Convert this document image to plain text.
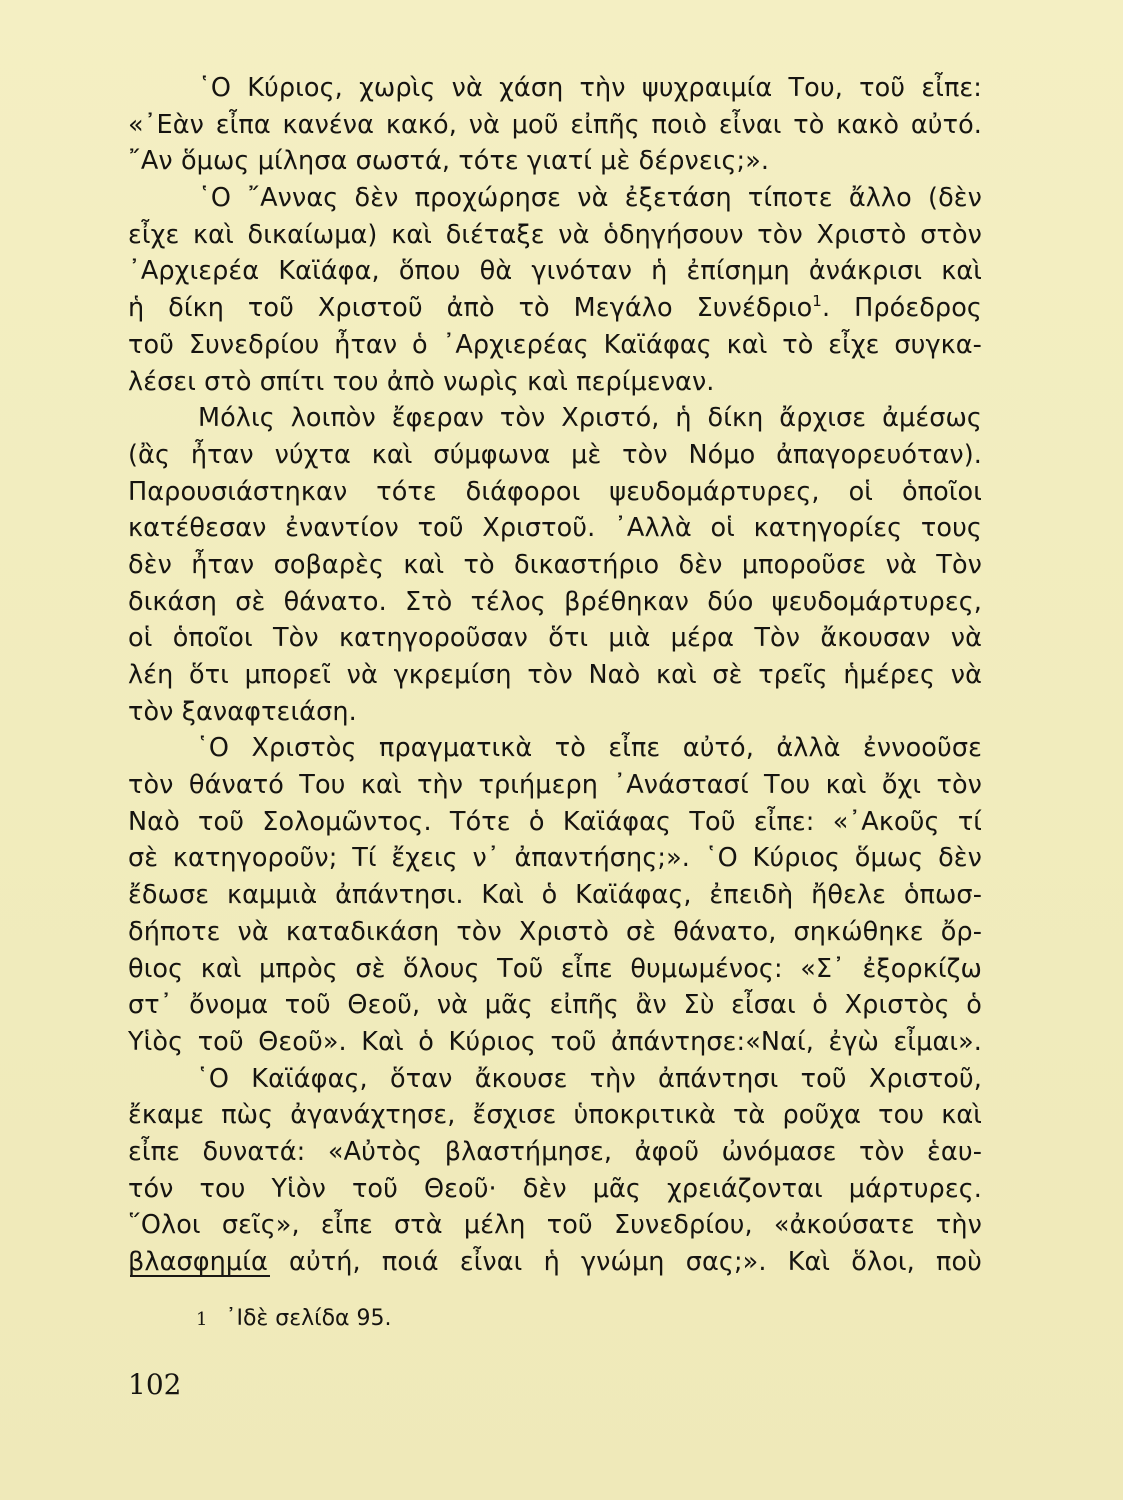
῾Ο Κύριος, χωρὶς νὰ χάση τὴν ψυχραιμία Του, τοῦ εἶπε:
«᾿Εὰν εἶπα κανένα κακό, νὰ μοῦ εἰπῆς ποιὸ εἶναι τὸ κακὸ αὐτό.
῎Αν ὅμως μίλησα σωστά, τότε γιατί μὲ δέρνεις;».
῾Ο ῎Αννας δὲν προχώρησε νὰ ἐξετάση τίποτε ἄλλο (δὲν
εἶχε καὶ δικαίωμα) καὶ διέταξε νὰ ὁδηγήσουν τὸν Χριστὸ στὸν
᾿Αρχιερέα Καϊάφα, ὅπου θὰ γινόταν ἡ ἐπίσημη ἀνάκρισι καὶ
ἡ δίκη τοῦ Χριστοῦ ἀπὸ τὸ Μεγάλο Συνέδριο$^1$. Πρόεδρος
τοῦ Συνεδρίου ἦταν ὁ ᾿Αρχιερέας Καϊάφας καὶ τὸ εἶχε συγκα-
λέσει στὸ σπίτι του ἀπὸ νωρὶς καὶ περίμεναν.
Μόλις λοιπὸν ἔφεραν τὸν Χριστό, ἡ δίκη ἄρχισε ἀμέσως
(ἂς ἦταν νύχτα καὶ σύμφωνα μὲ τὸν Νόμο ἀπαγορευόταν).
Παρουσιάστηκαν τότε διάφοροι ψευδομάρτυρες, οἱ ὁποῖοι
κατέθεσαν ἐναντίον τοῦ Χριστοῦ. ᾿Αλλὰ οἱ κατηγορίες τους
δὲν ἦταν σοβαρὲς καὶ τὸ δικαστήριο δὲν μποροῦσε νὰ Τὸν
δικάση σὲ θάνατο. Στὸ τέλος βρέθηκαν δύο ψευδομάρτυρες,
οἱ ὁποῖοι Τὸν κατηγοροῦσαν ὅτι μιὰ μέρα Τὸν ἄκουσαν νὰ
λέη ὅτι μπορεῖ νὰ γκρεμίση τὸν Ναὸ καὶ σὲ τρεῖς ἡμέρες νὰ
τὸν ξαναφτειάση.
῾Ο Χριστὸς πραγματικὰ τὸ εἶπε αὐτό, ἀλλὰ ἐννοοῦσε
τὸν θάνατό Του καὶ τὴν τριήμερη ᾿Ανάστασί Του καὶ ὄχι τὸν
Ναὸ τοῦ Σολομῶντος. Τότε ὁ Καϊάφας Τοῦ εἶπε: «᾿Ακοῦς τί
σὲ κατηγοροῦν; Τί ἔχεις ν᾿ ἀπαντήσης;». ῾Ο Κύριος ὅμως δὲν
ἔδωσε καμμιὰ ἀπάντησι. Καὶ ὁ Καϊάφας, ἐπειδὴ ἤθελε ὁπωσ-
δήποτε νὰ καταδικάση τὸν Χριστὸ σὲ θάνατο, σηκώθηκε ὄρ-
θιος καὶ μπρὸς σὲ ὅλους Τοῦ εἶπε θυμωμένος: «Σ᾿ ἐξορκίζω
στ᾿ ὄνομα τοῦ Θεοῦ, νὰ μᾶς εἰπῆς ἂν Σὺ εἶσαι ὁ Χριστὸς ὁ
Υἱὸς τοῦ Θεοῦ». Καὶ ὁ Κύριος τοῦ ἀπάντησε:«Ναί, ἐγὼ εἶμαι».
῾Ο Καϊάφας, ὅταν ἄκουσε τὴν ἀπάντησι τοῦ Χριστοῦ,
ἔκαμε πὼς ἀγανάχτησε, ἔσχισε ὑποκριτικὰ τὰ ροῦχα του καὶ
εἶπε δυνατά: «Αὐτὸς βλαστήμησε, ἀφοῦ ὠνόμασε τὸν ἑαυ-
τόν του Υἱὸν τοῦ Θεοῦ· δὲν μᾶς χρειάζονται μάρτυρες.
῞Ολοι σεῖς», εἶπε στὰ μέλη τοῦ Συνεδρίου, «ἀκούσατε τὴν
βλασφημία αὐτή, ποιά εἶναι ἡ γνώμη σας;». Καὶ ὅλοι, ποὺ
1 ᾿Ιδὲ σελίδα 95.
102
